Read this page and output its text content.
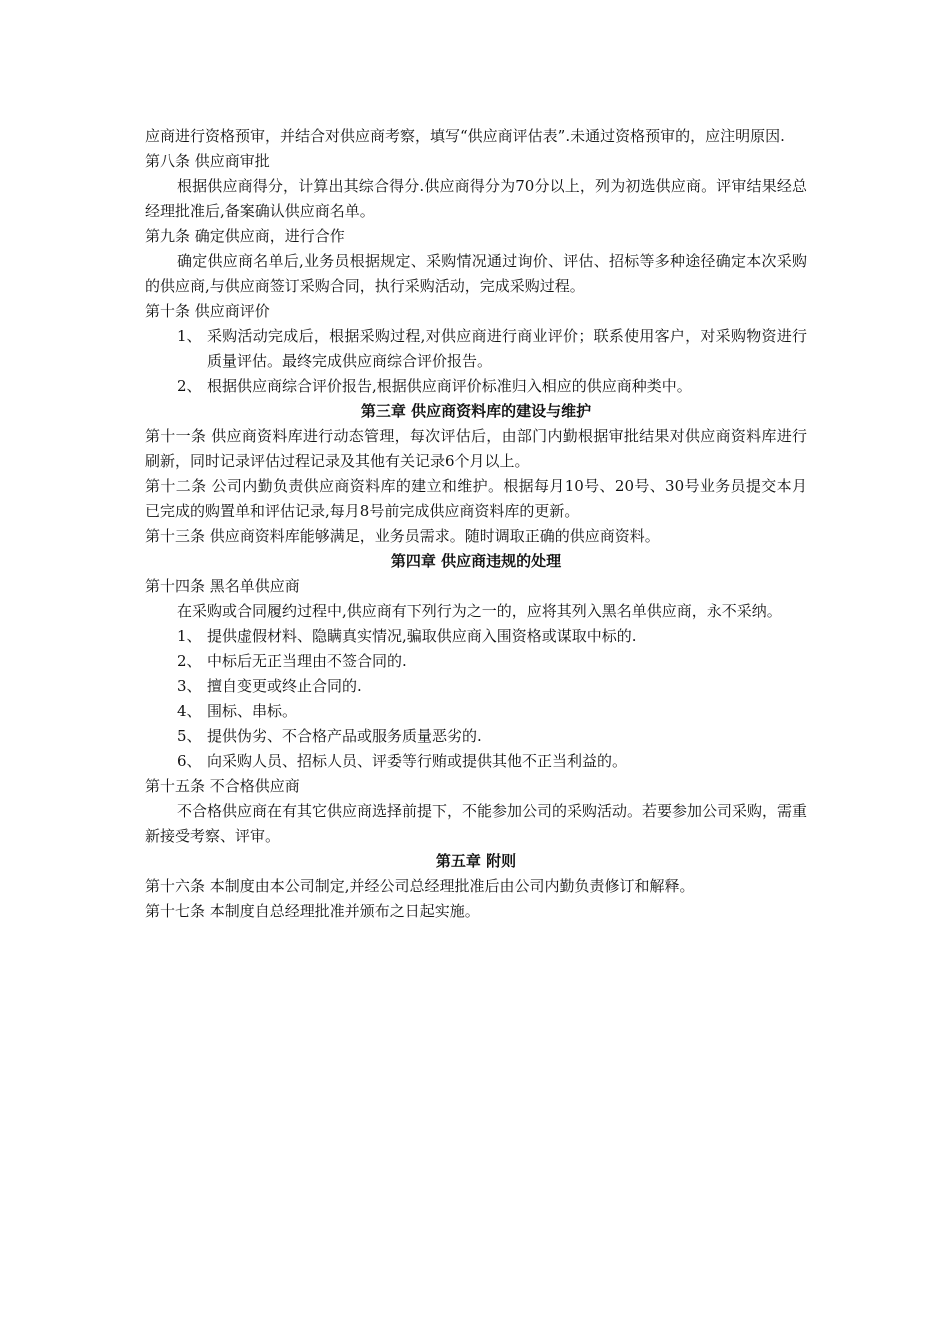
应商进行资格预审，并结合对供应商考察，填写“供应商评估表”.未通过资格预审的，应注明原因.

第八条 供应商审批

根据供应商得分，计算出其综合得分.供应商得分为70分以上，列为初选供应商。评审结果经总经理批准后,备案确认供应商名单。

第九条 确定供应商，进行合作

确定供应商名单后,业务员根据规定、采购情况通过询价、评估、招标等多种途径确定本次采购的供应商,与供应商签订采购合同，执行采购活动，完成采购过程。

第十条 供应商评价

1、 采购活动完成后，根据采购过程,对供应商进行商业评价；联系使用客户，对采购物资进行质量评估。最终完成供应商综合评价报告。
2、 根据供应商综合评价报告,根据供应商评价标准归入相应的供应商种类中。

第三章 供应商资料库的建设与维护

第十一条 供应商资料库进行动态管理，每次评估后，由部门内勤根据审批结果对供应商资料库进行刷新，同时记录评估过程记录及其他有关记录6个月以上。

第十二条 公司内勤负责供应商资料库的建立和维护。根据每月10号、20号、30号业务员提交本月已完成的购置单和评估记录,每月8号前完成供应商资料库的更新。

第十三条 供应商资料库能够满足，业务员需求。随时调取正确的供应商资料。

第四章 供应商违规的处理

第十四条 黑名单供应商

在采购或合同履约过程中,供应商有下列行为之一的，应将其列入黑名单供应商，永不采纳。

1、 提供虚假材料、隐瞒真实情况,骗取供应商入围资格或谋取中标的.
2、 中标后无正当理由不签合同的.
3、 擅自变更或终止合同的.
4、 围标、串标。
5、 提供伪劣、不合格产品或服务质量恶劣的.
6、 向采购人员、招标人员、评委等行贿或提供其他不正当利益的。

第十五条 不合格供应商

不合格供应商在有其它供应商选择前提下，不能参加公司的采购活动。若要参加公司采购，需重新接受考察、评审。

第五章 附则

第十六条 本制度由本公司制定,并经公司总经理批准后由公司内勤负责修订和解释。

第十七条 本制度自总经理批准并颁布之日起实施。
